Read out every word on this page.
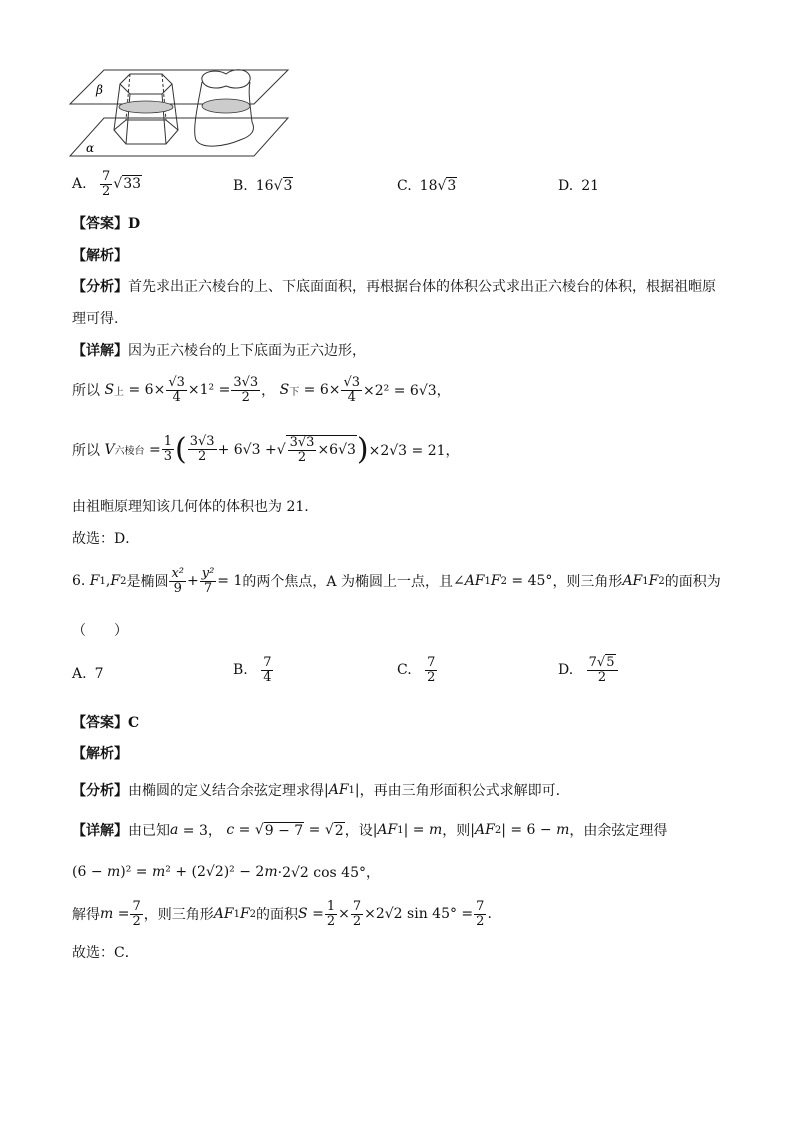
β
α
A. $\frac{7}{2} √33$	B. 16√3	C. 18√3	D. 21
【答案】D
【解析】
【分析】首先求出正六棱台的上、下底面面积，再根据台体的体积公式求出正六棱台的体积，根据祖暅原
理可得.
【详解】因为正六棱台的上下底面为正六边形，
所以 S 上 = $6\times \frac{√3}{4} \times 1^2 = \frac{3√3}{2}$ ， S 下 = $6\times \frac{√3}{4} \times 2^2 = 6√3$，
所以 V 六棱台 = $\frac{1}{3}$ ( $\frac{3√3}{2} + 6√3$ + √ $\frac{3√3}{2} \times 6√3$ ) ×2√3 = 21，
由祖暅原理知该几何体的体积也为 21.
故选：D．
6. F 1 , F 2 是椭圆 $\frac{\text{x²}}{9} + \frac{\text{y²}}{7} = 1$ 的两个焦点，A 为椭圆上一点，且 ∠ AF 1 F 2 = 45° ，则三角形 AF 1 F 2 的面积为
（　　）
A. 7	B. $\frac{7}{4}$	C. $\frac{7}{2}$	D. $\frac{7√5}{2}$
【答案】C
【解析】
【分析】 由椭圆的定义结合余弦定理求得 | AF 1 | ，再由三角形面积公式求解即可.
【详解】 由已知 a = 3， c = √ 9 − 7 = √ 2 ，设 | AF 1 | = m ，则 | AF 2 | = 6 − m ，由余弦定理得
(6 − m )² = m ² + (2√2)² − 2 m ·2√2 cos 45°，
解得 $m = \frac{7}{2}$ ，则三角形 AF 1 F 2 的面积 $S = \frac{1}{2} \times \frac{7}{2} \times 2√2$ $\sin 45^\circ = \frac{7}{2}$ .
故选：C．
